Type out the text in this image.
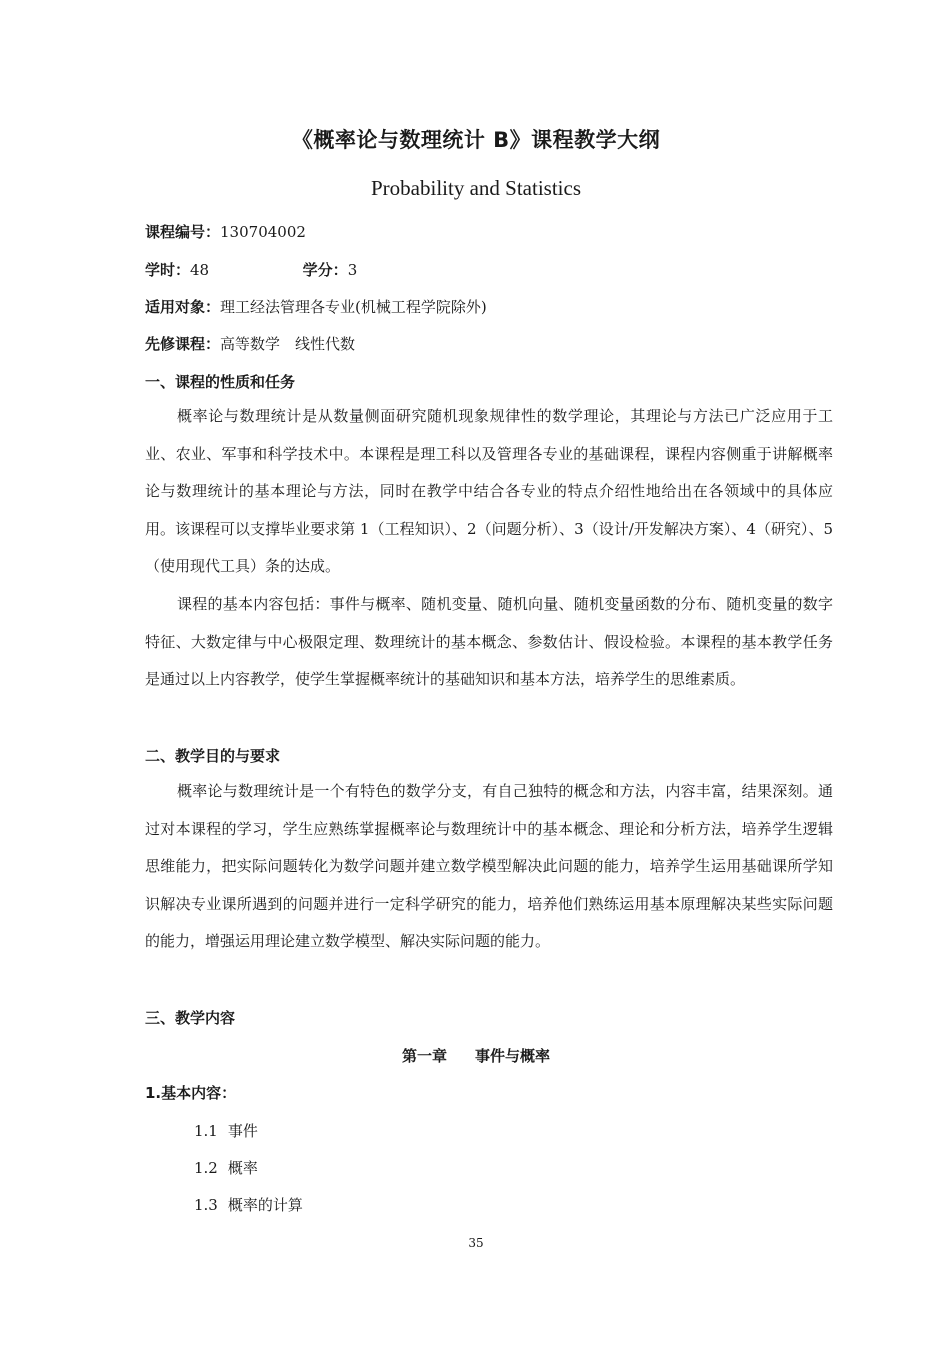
《概率论与数理统计 B》课程教学大纲
Probability and Statistics
课程编号：130704002
学时：48	学分：3
适用对象：理工经法管理各专业(机械工程学院除外)
先修课程：高等数学　线性代数
一、课程的性质和任务
概率论与数理统计是从数量侧面研究随机现象规律性的数学理论，其理论与方法已广泛应用于工业、农业、军事和科学技术中。本课程是理工科以及管理各专业的基础课程，课程内容侧重于讲解概率论与数理统计的基本理论与方法，同时在教学中结合各专业的特点介绍性地给出在各领域中的具体应用。该课程可以支撑毕业要求第 1（工程知识）、2（问题分析）、3（设计/开发解决方案）、4（研究）、5（使用现代工具）条的达成。
课程的基本内容包括：事件与概率、随机变量、随机向量、随机变量函数的分布、随机变量的数字特征、大数定律与中心极限定理、数理统计的基本概念、参数估计、假设检验。本课程的基本教学任务是通过以上内容教学，使学生掌握概率统计的基础知识和基本方法，培养学生的思维素质。
二、教学目的与要求
概率论与数理统计是一个有特色的数学分支，有自己独特的概念和方法，内容丰富，结果深刻。通过对本课程的学习，学生应熟练掌握概率论与数理统计中的基本概念、理论和分析方法，培养学生逻辑思维能力，把实际问题转化为数学问题并建立数学模型解决此问题的能力，培养学生运用基础课所学知识解决专业课所遇到的问题并进行一定科学研究的能力，培养他们熟练运用基本原理解决某些实际问题的能力，增强运用理论建立数学模型、解决实际问题的能力。
三、教学内容
第一章 事件与概率
1.基本内容：
1.1 事件
1.2 概率
1.3 概率的计算
35
